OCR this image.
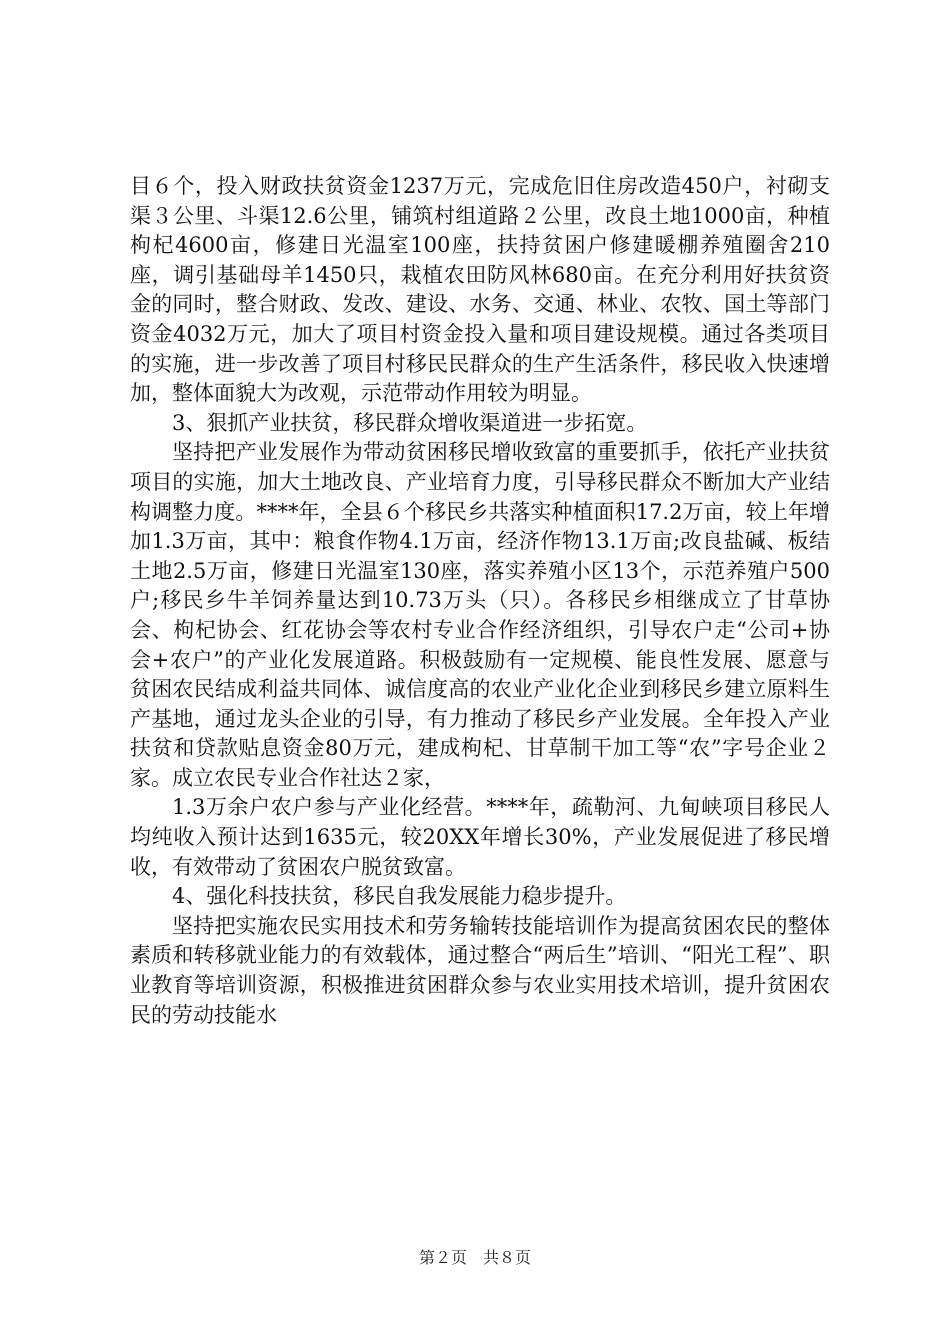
目６个，投入财政扶贫资金1237万元，完成危旧住房改造450户，衬砌支渠３公里、斗渠12.6公里，铺筑村组道路２公里，改良土地1000亩，种植枸杞4600亩，修建日光温室100座，扶持贫困户修建暖棚养殖圈舍210座，调引基础母羊1450只，栽植农田防风林680亩。在充分利用好扶贫资金的同时，整合财政、发改、建设、水务、交通、林业、农牧、国土等部门资金4032万元，加大了项目村资金投入量和项目建设规模。通过各类项目的实施，进一步改善了项目村移民民群众的生产生活条件，移民收入快速增加，整体面貌大为改观，示范带动作用较为明显。

3、狠抓产业扶贫，移民群众增收渠道进一步拓宽。

坚持把产业发展作为带动贫困移民增收致富的重要抓手，依托产业扶贫项目的实施，加大土地改良、产业培育力度，引导移民群众不断加大产业结构调整力度。****年，全县６个移民乡共落实种植面积17.2万亩，较上年增加1.3万亩，其中：粮食作物4.1万亩，经济作物13.1万亩;改良盐碱、板结土地2.5万亩，修建日光温室130座，落实养殖小区13个，示范养殖户500户;移民乡牛羊饲养量达到10.73万头（只）。各移民乡相继成立了甘草协会、枸杞协会、红花协会等农村专业合作经济组织，引导农户走“公司+协会+农户”的产业化发展道路。积极鼓励有一定规模、能良性发展、愿意与贫困农民结成利益共同体、诚信度高的农业产业化企业到移民乡建立原料生产基地，通过龙头企业的引导，有力推动了移民乡产业发展。全年投入产业扶贫和贷款贴息资金80万元，建成枸杞、甘草制干加工等“农”字号企业２家。成立农民专业合作社达２家，

1.3万余户农户参与产业化经营。****年，疏勒河、九甸峡项目移民人均纯收入预计达到1635元，较20XX年增长30%，产业发展促进了移民增收，有效带动了贫困农户脱贫致富。

4、强化科技扶贫，移民自我发展能力稳步提升。

坚持把实施农民实用技术和劳务输转技能培训作为提高贫困农民的整体素质和转移就业能力的有效载体，通过整合“两后生”培训、“阳光工程”、职业教育等培训资源，积极推进贫困群众参与农业实用技术培训，提升贫困农民的劳动技能水

第２页　共８页
